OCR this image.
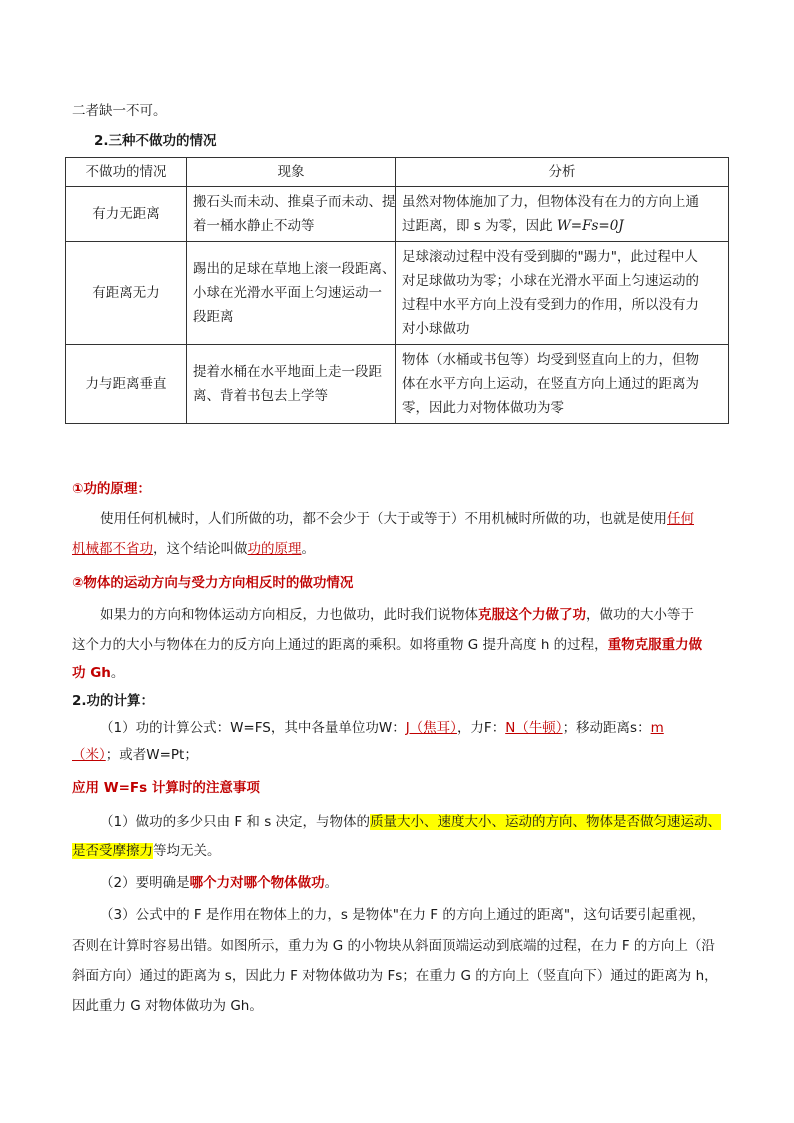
二者缺一不可。
2.三种不做功的情况
不做功的情况	现象	分析
有力无距离	搬石头而未动、推桌子而未动、提
着一桶水静止不动等	虽然对物体施加了力，但物体没有在力的方向上通
过距离，即 s 为零，因此 W=Fs=0J

有距离无力	踢出的足球在草地上滚一段距离、
小球在光滑水平面上匀速运动一
段距离	足球滚动过程中没有受到脚的"踢力"，此过程中人
对足球做功为零；小球在光滑水平面上匀速运动的
过程中水平方向上没有受到力的作用，所以没有力
对小球做功

力与距离垂直	提着水桶在水平地面上走一段距
离、背着书包去上学等	物体（水桶或书包等）均受到竖直向上的力，但物
体在水平方向上运动，在竖直方向上通过的距离为
零，因此力对物体做功为零
①功的原理：
使用任何机械时，人们所做的功，都不会少于（大于或等于）不用机械时所做的功，也就是使用任何
机械都不省功，这个结论叫做功的原理。
②物体的运动方向与受力方向相反时的做功情况
如果力的方向和物体运动方向相反，力也做功，此时我们说物体克服这个力做了功，做功的大小等于
这个力的大小与物体在力的反方向上通过的距离的乘积。如将重物 G 提升高度 h 的过程，重物克服重力做
功 Gh。
2.功的计算：
（1）功的计算公式：W=FS，其中各量单位功W：J（焦耳），力F：N（牛顿）；移动距离s：m
（米）；或者W=Pt；
应用 W=Fs 计算时的注意事项
（1）做功的多少只由 F 和 s 决定，与物体的质量大小、速度大小、运动的方向、物体是否做匀速运动、
是否受摩擦力等均无关。
（2）要明确是哪个力对哪个物体做功。
（3）公式中的 F 是作用在物体上的力，s 是物体"在力 F 的方向上通过的距离"，这句话要引起重视，
否则在计算时容易出错。如图所示，重力为 G 的小物块从斜面顶端运动到底端的过程，在力 F 的方向上（沿
斜面方向）通过的距离为 s，因此力 F 对物体做功为 Fs；在重力 G 的方向上（竖直向下）通过的距离为 h，
因此重力 G 对物体做功为 Gh。
